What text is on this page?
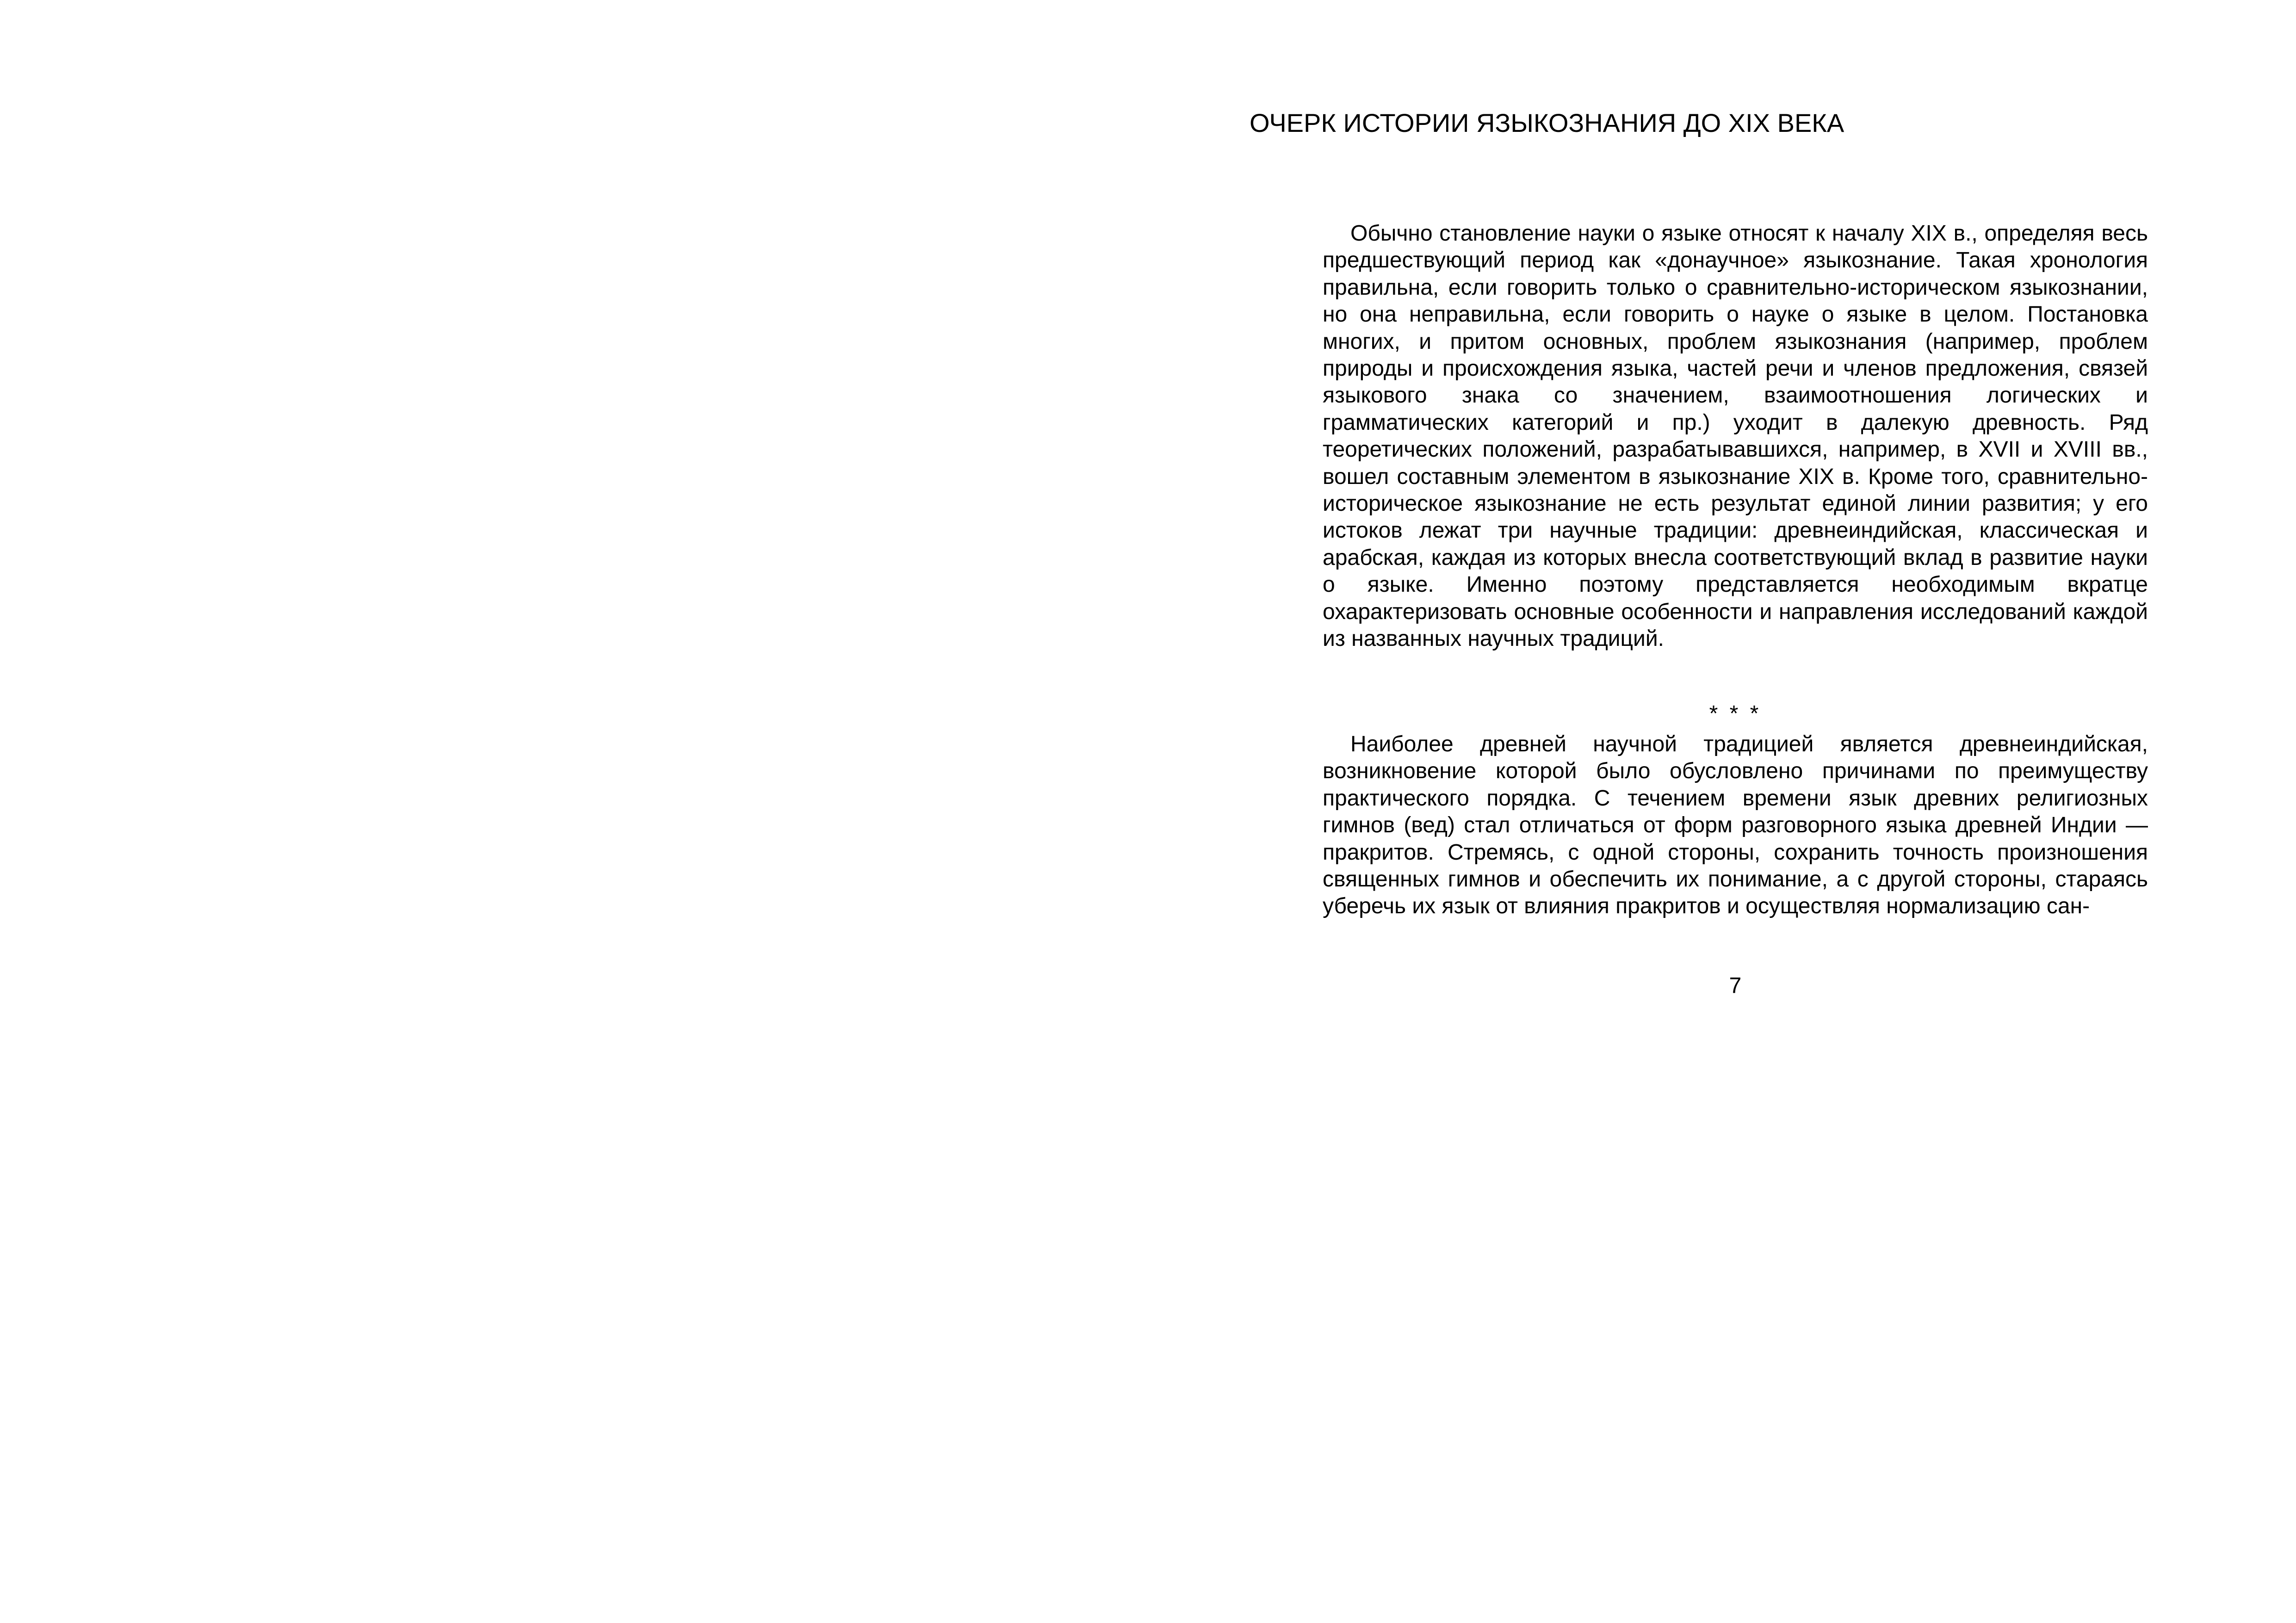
ОЧЕРК ИСТОРИИ ЯЗЫКОЗНАНИЯ ДО XIX ВЕКА

Обычно становление науки о языке относят к началу XIX в., определяя весь предшествующий период как «донаучное» языкознание. Такая хронология правильна, если говорить только о сравнительно-историческом языкознании, но она неправильна, если говорить о науке о языке в целом. Постановка многих, и притом основных, проблем языкознания (например, проблем природы и происхождения языка, частей речи и членов предложения, связей языкового знака со значением, взаимоотношения логических и грамматических категорий и пр.) уходит в далекую древность. Ряд теоретических положений, разрабатывавшихся, например, в XVII и XVIII вв., вошел составным элементом в языкознание XIX в. Кроме того, сравнительно-историческое языкознание не есть результат единой линии развития; у его истоков лежат три научные традиции: древнеиндийская, классическая и арабская, каждая из которых внесла соответствующий вклад в развитие науки о языке. Именно поэтому представляется необходимым вкратце охарактеризовать основные особенности и направления исследований каждой из названных научных традиций.

* * *

Наиболее древней научной традицией является древнеиндийская, возникновение которой было обусловлено причинами по преимуществу практического порядка. С течением времени язык древних религиозных гимнов (вед) стал отличаться от форм разговорного языка древней Индии — пракритов. Стремясь, с одной стороны, сохранить точность произношения священных гимнов и обеспечить их понимание, а с другой стороны, стараясь уберечь их язык от влияния пракритов и осуществляя нормализацию сан-

7
